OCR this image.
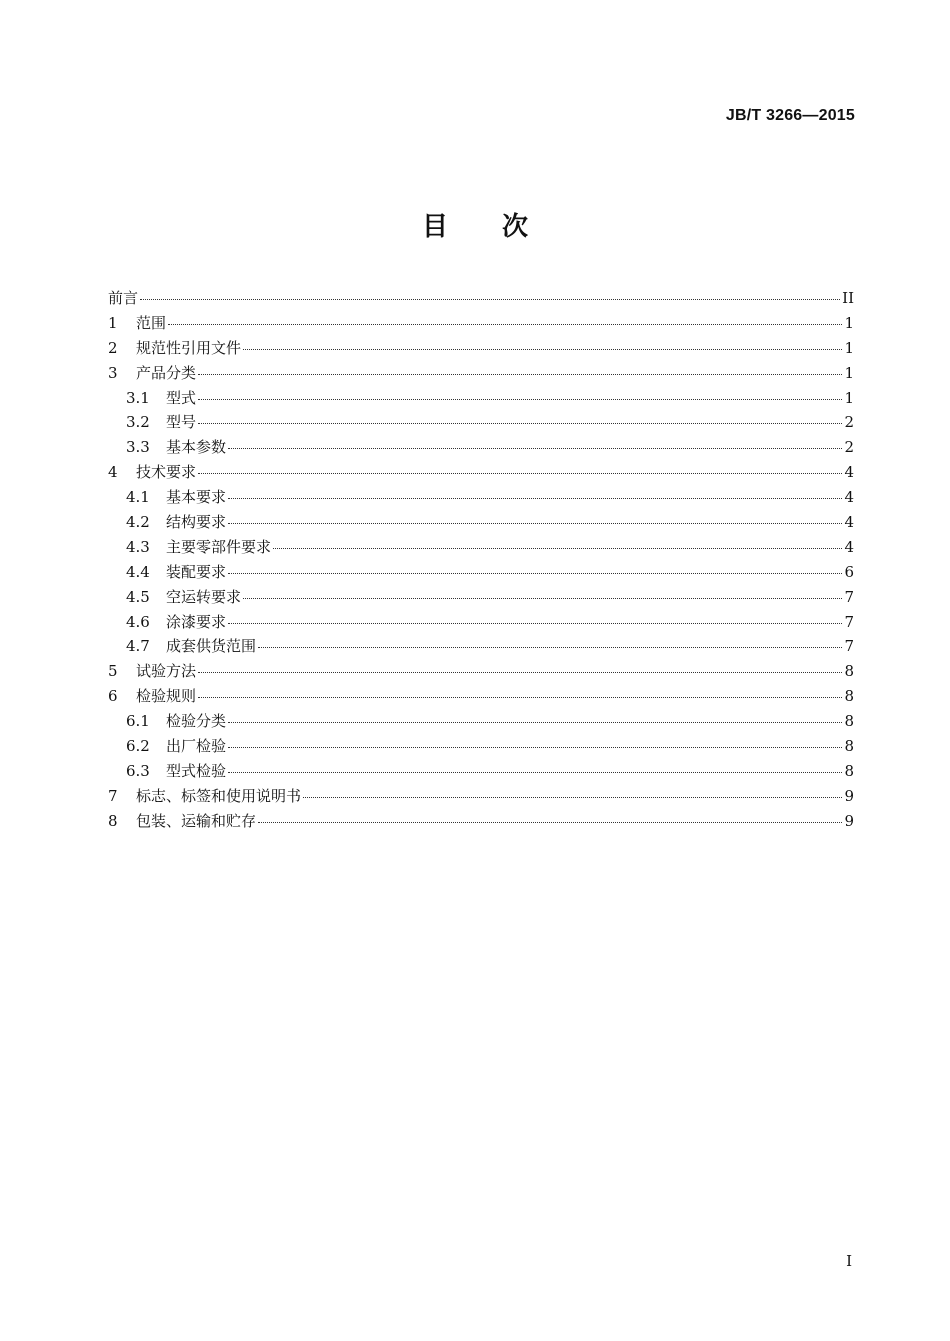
JB/T 3266—2015
目 次
前言	II
1	范围	1
2	规范性引用文件	1
3	产品分类	1
3.1	型式	1
3.2	型号	2
3.3	基本参数	2
4	技术要求	4
4.1	基本要求	4
4.2	结构要求	4
4.3	主要零部件要求	4
4.4	装配要求	6
4.5	空运转要求	7
4.6	涂漆要求	7
4.7	成套供货范围	7
5	试验方法	8
6	检验规则	8
6.1	检验分类	8
6.2	出厂检验	8
6.3	型式检验	8
7	标志、标签和使用说明书	9
8	包装、运输和贮存	9
I
